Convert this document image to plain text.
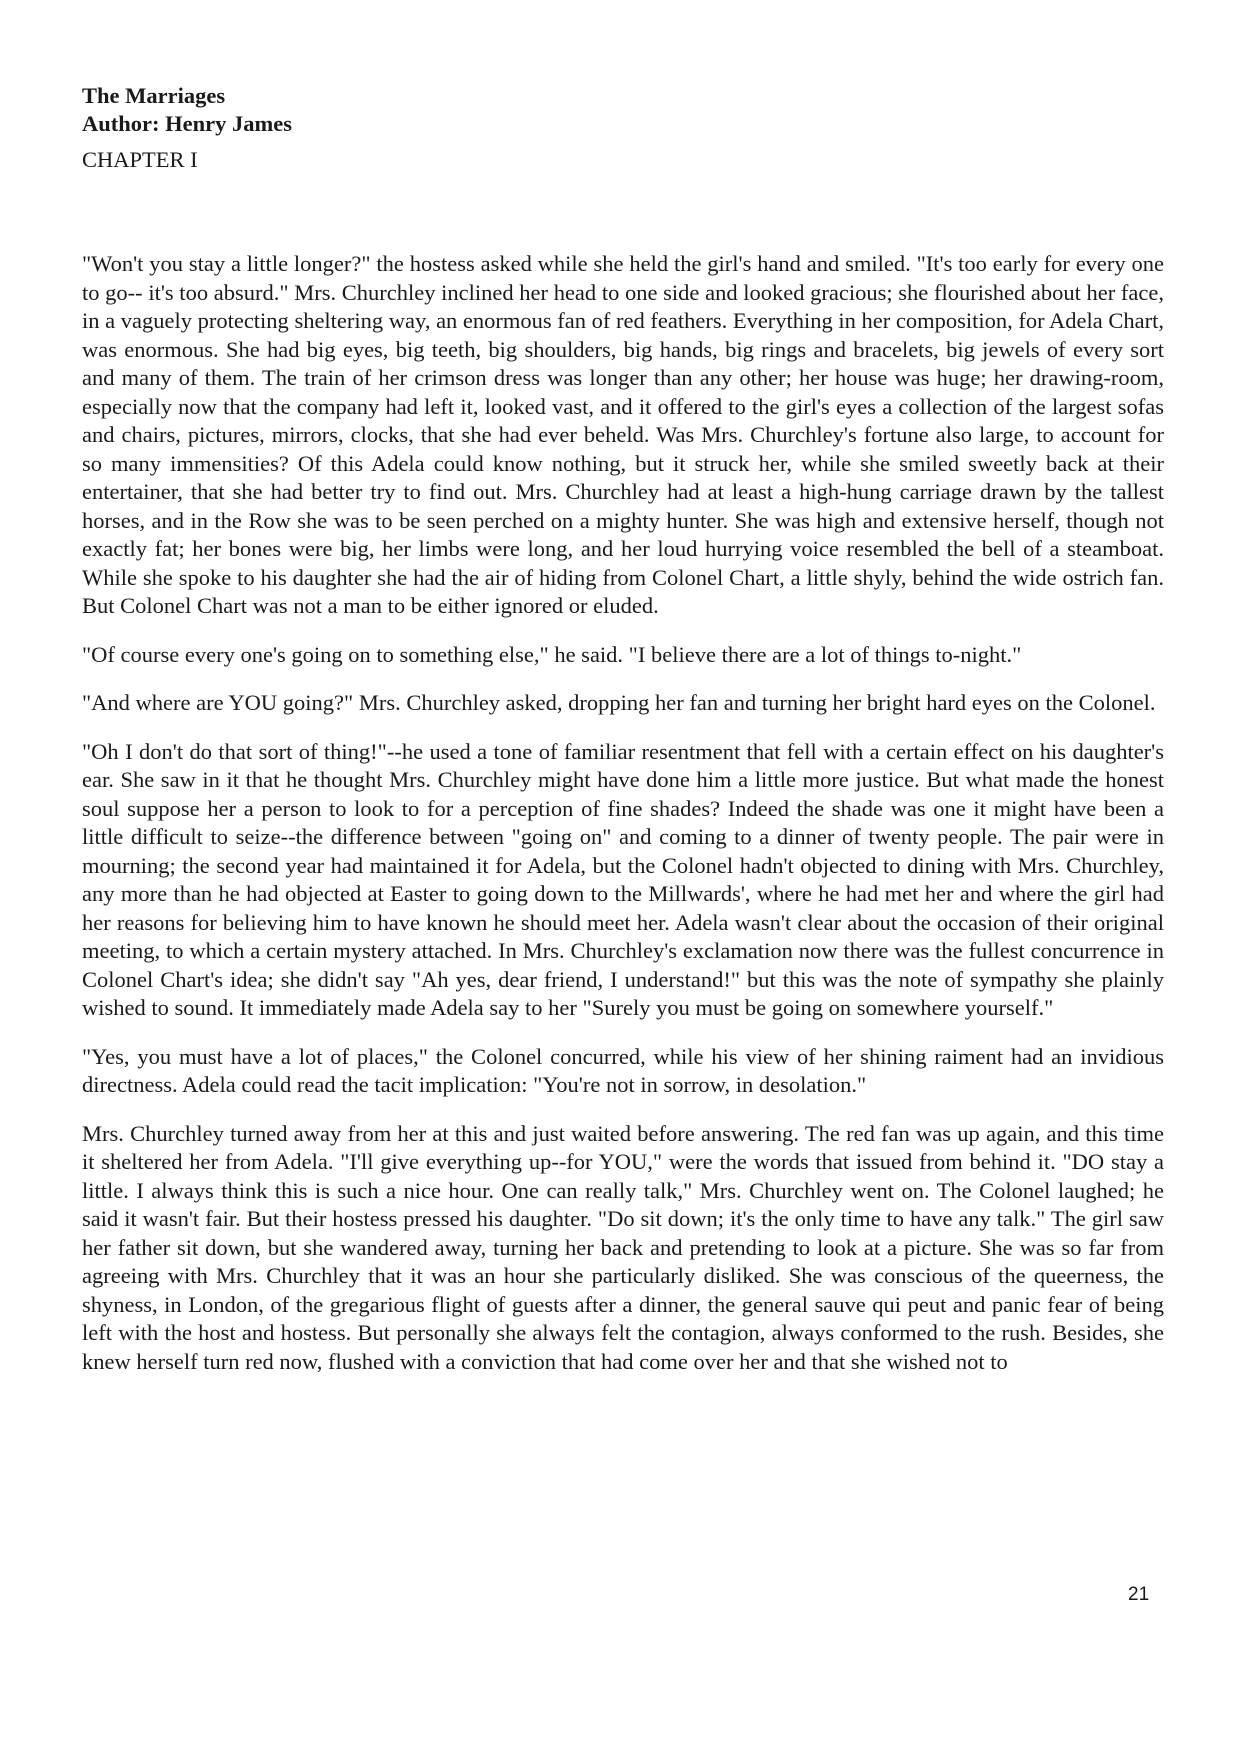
The Marriages

Author: Henry James

CHAPTER I

"Won't you stay a little longer?" the hostess asked while she held the girl's hand and smiled. "It's too early for every one to go-- it's too absurd." Mrs. Churchley inclined her head to one side and looked gracious; she flourished about her face, in a vaguely protecting sheltering way, an enormous fan of red feathers. Everything in her composition, for Adela Chart, was enormous. She had big eyes, big teeth, big shoulders, big hands, big rings and bracelets, big jewels of every sort and many of them. The train of her crimson dress was longer than any other; her house was huge; her drawing-room, especially now that the company had left it, looked vast, and it offered to the girl's eyes a collection of the largest sofas and chairs, pictures, mirrors, clocks, that she had ever beheld. Was Mrs. Churchley's fortune also large, to account for so many immensities? Of this Adela could know nothing, but it struck her, while she smiled sweetly back at their entertainer, that she had better try to find out. Mrs. Churchley had at least a high-hung carriage drawn by the tallest horses, and in the Row she was to be seen perched on a mighty hunter. She was high and extensive herself, though not exactly fat; her bones were big, her limbs were long, and her loud hurrying voice resembled the bell of a steamboat. While she spoke to his daughter she had the air of hiding from Colonel Chart, a little shyly, behind the wide ostrich fan. But Colonel Chart was not a man to be either ignored or eluded.

"Of course every one's going on to something else," he said. "I believe there are a lot of things to-night."

"And where are YOU going?" Mrs. Churchley asked, dropping her fan and turning her bright hard eyes on the Colonel.

"Oh I don't do that sort of thing!"--he used a tone of familiar resentment that fell with a certain effect on his daughter's ear. She saw in it that he thought Mrs. Churchley might have done him a little more justice. But what made the honest soul suppose her a person to look to for a perception of fine shades? Indeed the shade was one it might have been a little difficult to seize--the difference between "going on" and coming to a dinner of twenty people. The pair were in mourning; the second year had maintained it for Adela, but the Colonel hadn't objected to dining with Mrs. Churchley, any more than he had objected at Easter to going down to the Millwards', where he had met her and where the girl had her reasons for believing him to have known he should meet her. Adela wasn't clear about the occasion of their original meeting, to which a certain mystery attached. In Mrs. Churchley's exclamation now there was the fullest concurrence in Colonel Chart's idea; she didn't say "Ah yes, dear friend, I understand!" but this was the note of sympathy she plainly wished to sound. It immediately made Adela say to her "Surely you must be going on somewhere yourself."

"Yes, you must have a lot of places," the Colonel concurred, while his view of her shining raiment had an invidious directness. Adela could read the tacit implication: "You're not in sorrow, in desolation."

Mrs. Churchley turned away from her at this and just waited before answering. The red fan was up again, and this time it sheltered her from Adela. "I'll give everything up--for YOU," were the words that issued from behind it. "DO stay a little. I always think this is such a nice hour. One can really talk," Mrs. Churchley went on. The Colonel laughed; he said it wasn't fair. But their hostess pressed his daughter. "Do sit down; it's the only time to have any talk." The girl saw her father sit down, but she wandered away, turning her back and pretending to look at a picture. She was so far from agreeing with Mrs. Churchley that it was an hour she particularly disliked. She was conscious of the queerness, the shyness, in London, of the gregarious flight of guests after a dinner, the general sauve qui peut and panic fear of being left with the host and hostess. But personally she always felt the contagion, always conformed to the rush. Besides, she knew herself turn red now, flushed with a conviction that had come over her and that she wished not to

21
